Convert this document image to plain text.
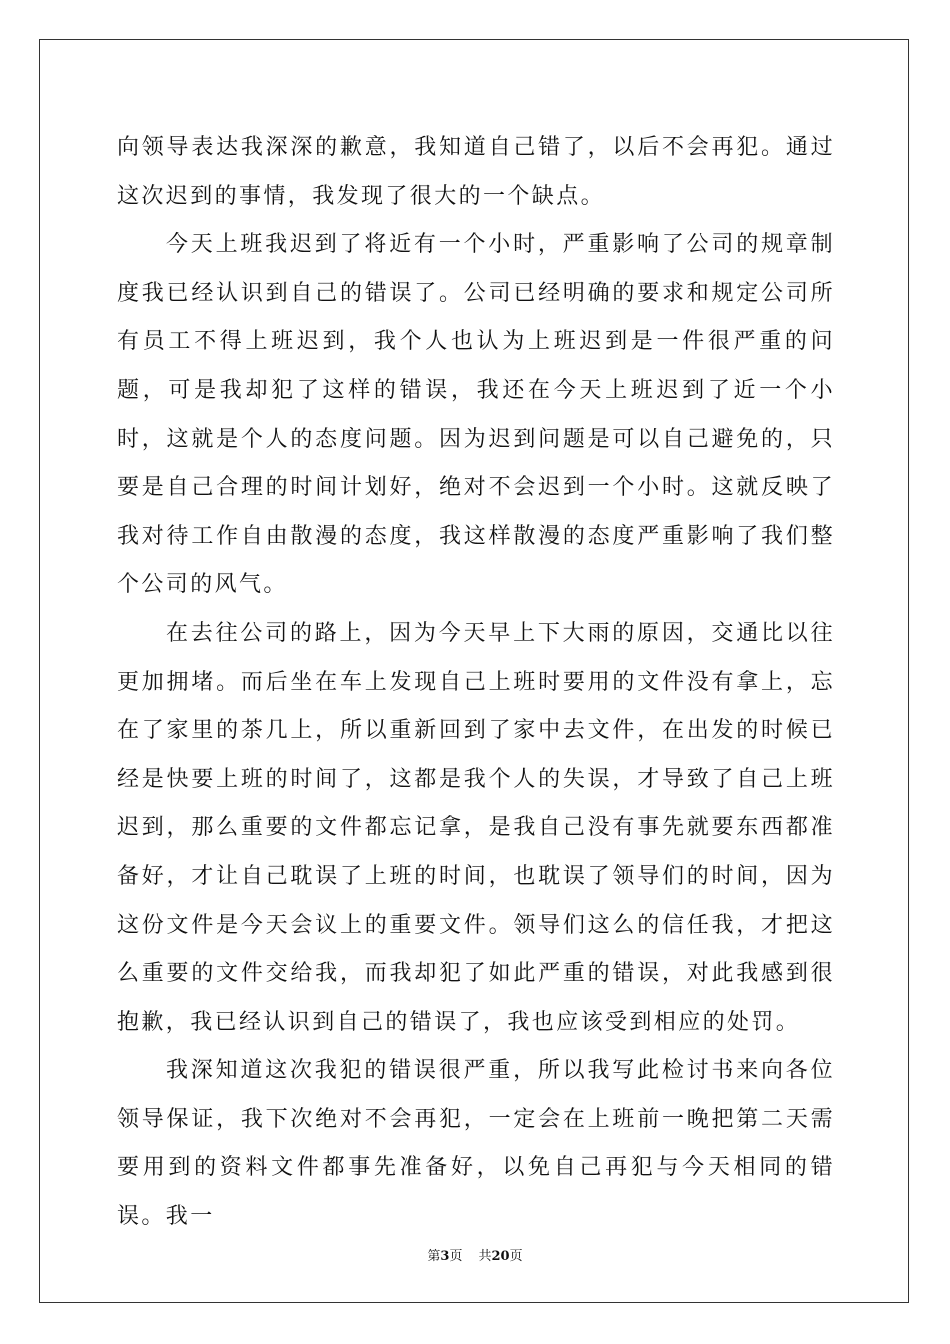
向领导表达我深深的歉意，我知道自己错了，以后不会再犯。通过这次迟到的事情，我发现了很大的一个缺点。

今天上班我迟到了将近有一个小时，严重影响了公司的规章制度我已经认识到自己的错误了。公司已经明确的要求和规定公司所有员工不得上班迟到，我个人也认为上班迟到是一件很严重的问题，可是我却犯了这样的错误，我还在今天上班迟到了近一个小时，这就是个人的态度问题。因为迟到问题是可以自己避免的，只要是自己合理的时间计划好，绝对不会迟到一个小时。这就反映了我对待工作自由散漫的态度，我这样散漫的态度严重影响了我们整个公司的风气。

在去往公司的路上，因为今天早上下大雨的原因，交通比以往更加拥堵。而后坐在车上发现自己上班时要用的文件没有拿上，忘在了家里的茶几上，所以重新回到了家中去文件，在出发的时候已经是快要上班的时间了，这都是我个人的失误，才导致了自己上班迟到，那么重要的文件都忘记拿，是我自己没有事先就要东西都准备好，才让自己耽误了上班的时间，也耽误了领导们的时间，因为这份文件是今天会议上的重要文件。领导们这么的信任我，才把这么重要的文件交给我，而我却犯了如此严重的错误，对此我感到很抱歉，我已经认识到自己的错误了，我也应该受到相应的处罚。

我深知道这次我犯的错误很严重，所以我写此检讨书来向各位领导保证，我下次绝对不会再犯，一定会在上班前一晚把第二天需要用到的资料文件都事先准备好，以免自己再犯与今天相同的错误。我一

第3页 共20页
